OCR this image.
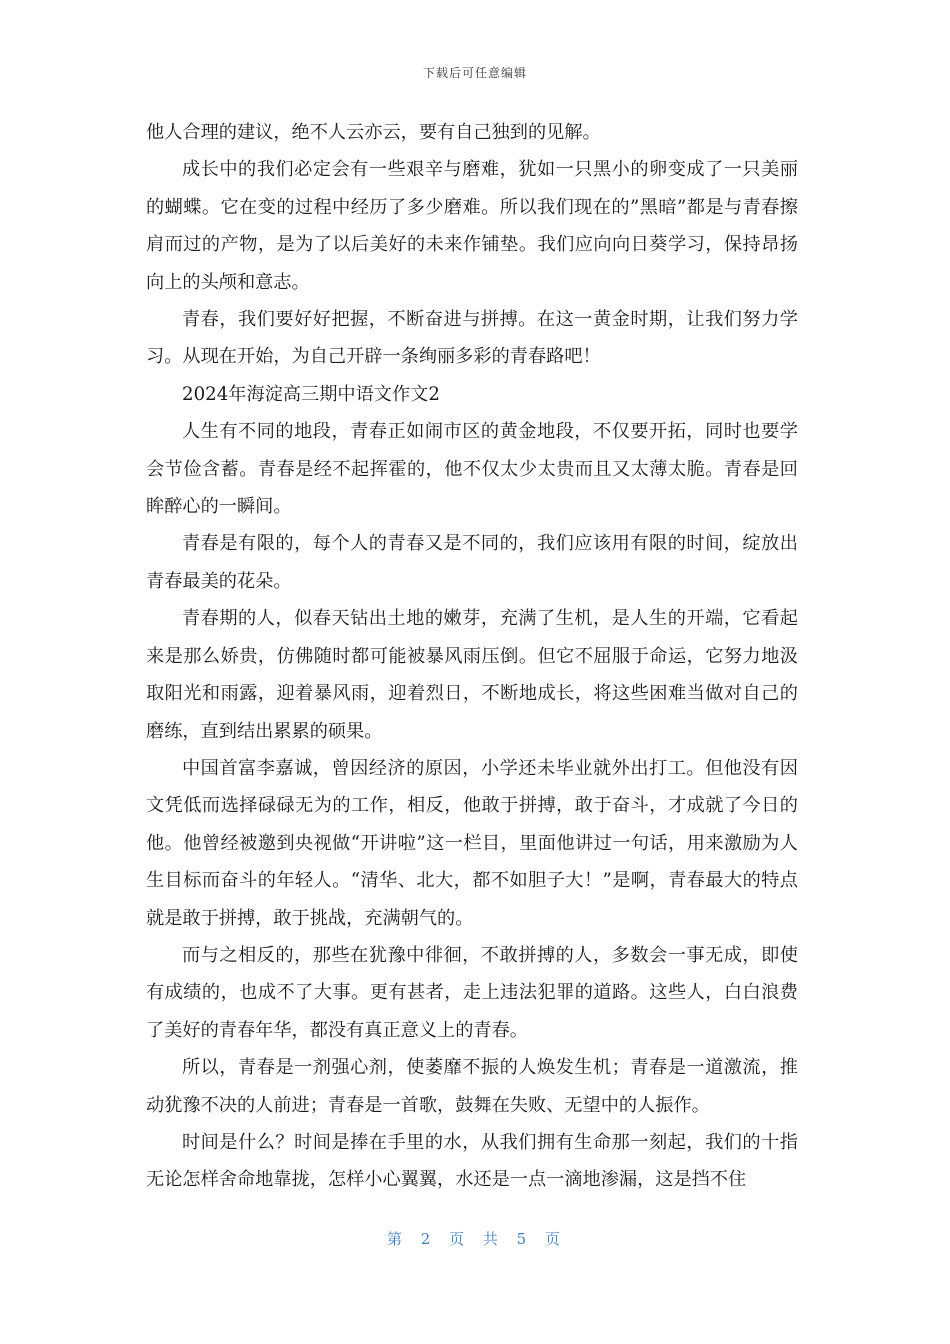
下载后可任意编辑

他人合理的建议，绝不人云亦云，要有自己独到的见解。

成长中的我们必定会有一些艰辛与磨难，犹如一只黑小的卵变成了一只美丽的蝴蝶。它在变的过程中经历了多少磨难。所以我们现在的”黑暗”都是与青春擦肩而过的产物，是为了以后美好的未来作铺垫。我们应向向日葵学习，保持昂扬向上的头颅和意志。

青春，我们要好好把握，不断奋进与拼搏。在这一黄金时期，让我们努力学习。从现在开始，为自己开辟一条绚丽多彩的青春路吧！

2024年海淀高三期中语文作文2

人生有不同的地段，青春正如闹市区的黄金地段，不仅要开拓，同时也要学会节俭含蓄。青春是经不起挥霍的，他不仅太少太贵而且又太薄太脆。青春是回眸醉心的一瞬间。

青春是有限的，每个人的青春又是不同的，我们应该用有限的时间，绽放出青春最美的花朵。

青春期的人，似春天钻出土地的嫩芽，充满了生机，是人生的开端，它看起来是那么娇贵，仿佛随时都可能被暴风雨压倒。但它不屈服于命运，它努力地汲取阳光和雨露，迎着暴风雨，迎着烈日，不断地成长，将这些困难当做对自己的磨练，直到结出累累的硕果。

中国首富李嘉诚，曾因经济的原因，小学还未毕业就外出打工。但他没有因文凭低而选择碌碌无为的工作，相反，他敢于拼搏，敢于奋斗，才成就了今日的他。他曾经被邀到央视做“开讲啦”这一栏目，里面他讲过一句话，用来激励为人生目标而奋斗的年轻人。“清华、北大，都不如胆子大！”是啊，青春最大的特点就是敢于拼搏，敢于挑战，充满朝气的。

而与之相反的，那些在犹豫中徘徊，不敢拼搏的人，多数会一事无成，即使有成绩的，也成不了大事。更有甚者，走上违法犯罪的道路。这些人，白白浪费了美好的青春年华，都没有真正意义上的青春。

所以，青春是一剂强心剂，使萎靡不振的人焕发生机；青春是一道激流，推动犹豫不决的人前进；青春是一首歌，鼓舞在失败、无望中的人振作。

时间是什么？时间是捧在手里的水，从我们拥有生命那一刻起，我们的十指无论怎样舍命地靠拢，怎样小心翼翼，水还是一点一滴地渗漏，这是挡不住

第 2 页 共 5 页
